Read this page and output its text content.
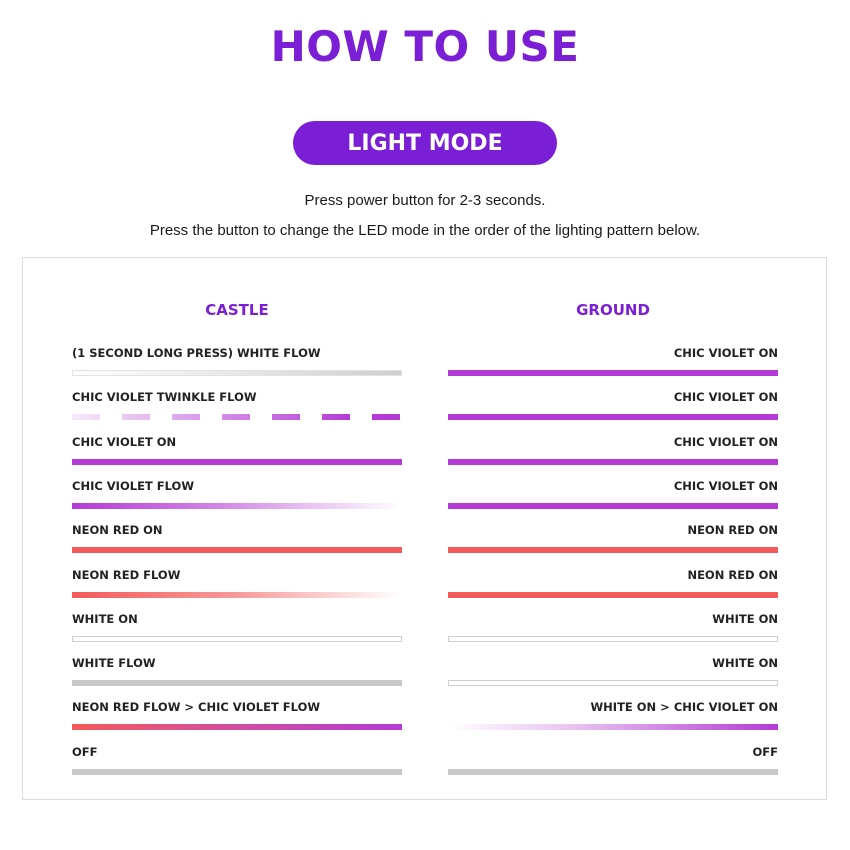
HOW TO USE
LIGHT MODE
Press power button for 2-3 seconds.
Press the button to change the LED mode in the order of the lighting pattern below.
CASTLE	GROUND
(1 SECOND LONG PRESS) WHITE FLOW
CHIC VIOLET TWINKLE FLOW
CHIC VIOLET ON
CHIC VIOLET FLOW
NEON RED ON
NEON RED FLOW
WHITE ON
WHITE FLOW
NEON RED FLOW > CHIC VIOLET FLOW
OFF
CHIC VIOLET ON
CHIC VIOLET ON
CHIC VIOLET ON
CHIC VIOLET ON
NEON RED ON
NEON RED ON
WHITE ON
WHITE ON
WHITE ON > CHIC VIOLET ON
OFF
